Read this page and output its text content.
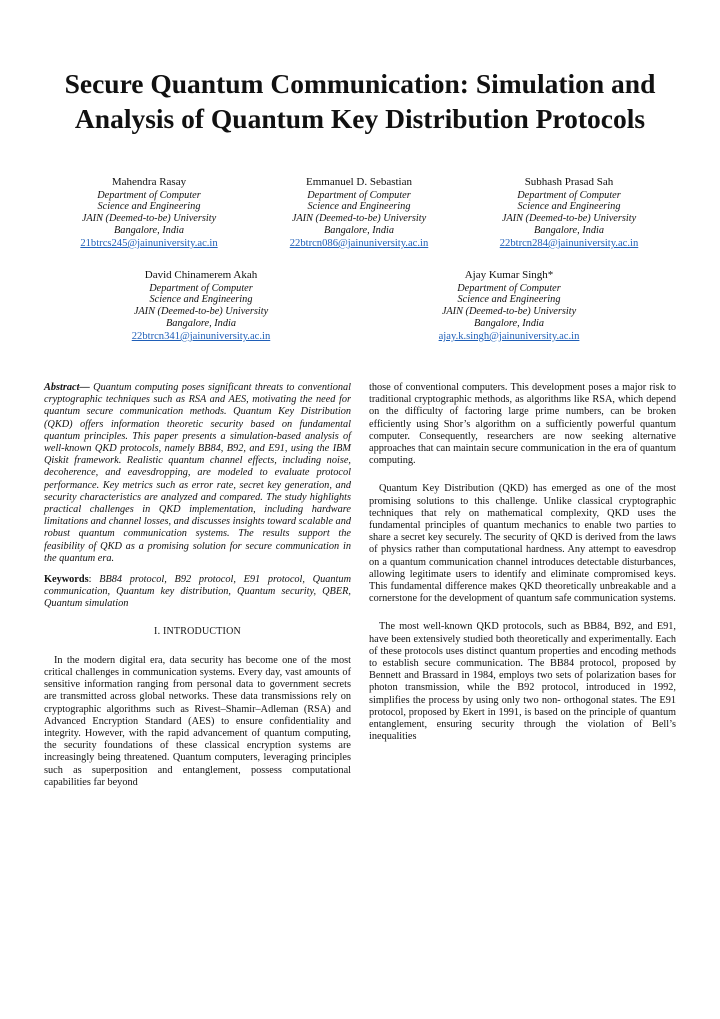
Secure Quantum Communication: Simulation and
Analysis of Quantum Key Distribution Protocols
Mahendra Rasay
Department of Computer
Science and Engineering
JAIN (Deemed-to-be) University
Bangalore, India
21btrcs245@jainuniversity.ac.in
Emmanuel D. Sebastian
Department of Computer
Science and Engineering
JAIN (Deemed-to-be) University
Bangalore, India
22btrcn086@jainuniversity.ac.in
Subhash Prasad Sah
Department of Computer
Science and Engineering
JAIN (Deemed-to-be) University
Bangalore, India
22btrcn284@jainuniversity.ac.in
David Chinamerem Akah
Department of Computer
Science and Engineering
JAIN (Deemed-to-be) University
Bangalore, India
22btrcn341@jainuniversity.ac.in
Ajay Kumar Singh*
Department of Computer
Science and Engineering
JAIN (Deemed-to-be) University
Bangalore, India
ajay.k.singh@jainuniversity.ac.in

Abstract— Quantum computing poses significant threats to conventional cryptographic techniques such as RSA and AES, motivating the need for quantum secure communication methods. Quantum Key Distribution (QKD) offers information theoretic security based on fundamental quantum principles. This paper presents a simulation-based analysis of well-known QKD protocols, namely BB84, B92, and E91, using the IBM Qiskit framework. Realistic quantum channel effects, including noise, decoherence, and eavesdropping, are modeled to evaluate protocol performance. Key metrics such as error rate, secret key generation, and security characteristics are analyzed and compared. The study highlights practical challenges in QKD implementation, including hardware limitations and channel losses, and discusses insights toward scalable and robust quantum communication systems. The results support the feasibility of QKD as a promising solution for secure communication in the quantum era.

Keywords: BB84 protocol, B92 protocol, E91 protocol, Quantum communication, Quantum key distribution, Quantum security, QBER, Quantum simulation

I. INTRODUCTION

In the modern digital era, data security has become one of the most critical challenges in communication systems. Every day, vast amounts of sensitive information ranging from personal data to government secrets are transmitted across global networks. These data transmissions rely on cryptographic algorithms such as Rivest–Shamir–Adleman (RSA) and Advanced Encryption Standard (AES) to ensure confidentiality and integrity. However, with the rapid advancement of quantum computing, the security foundations of these classical encryption systems are increasingly being threatened. Quantum computers, leveraging principles such as superposition and entanglement, possess computational capabilities far beyond

those of conventional computers. This development poses a major risk to traditional cryptographic methods, as algorithms like RSA, which depend on the difficulty of factoring large prime numbers, can be broken efficiently using Shor’s algorithm on a sufficiently powerful quantum computer. Consequently, researchers are now seeking alternative approaches that can maintain secure communication in the era of quantum computing.

Quantum Key Distribution (QKD) has emerged as one of the most promising solutions to this challenge. Unlike classical cryptographic techniques that rely on mathematical complexity, QKD uses the fundamental principles of quantum mechanics to enable two parties to share a secret key securely. The security of QKD is derived from the laws of physics rather than computational hardness. Any attempt to eavesdrop on a quantum communication channel introduces detectable disturbances, allowing legitimate users to identify and eliminate compromised keys. This fundamental difference makes QKD theoretically unbreakable and a cornerstone for the development of quantum safe communication systems.

The most well-known QKD protocols, such as BB84, B92, and E91, have been extensively studied both theoretically and experimentally. Each of these protocols uses distinct quantum properties and encoding methods to establish secure communication. The BB84 protocol, proposed by Bennett and Brassard in 1984, employs two sets of polarization bases for photon transmission, while the B92 protocol, introduced in 1992, simplifies the process by using only two non- orthogonal states. The E91 protocol, proposed by Ekert in 1991, is based on the principle of quantum entanglement, ensuring security through the violation of Bell’s inequalities
